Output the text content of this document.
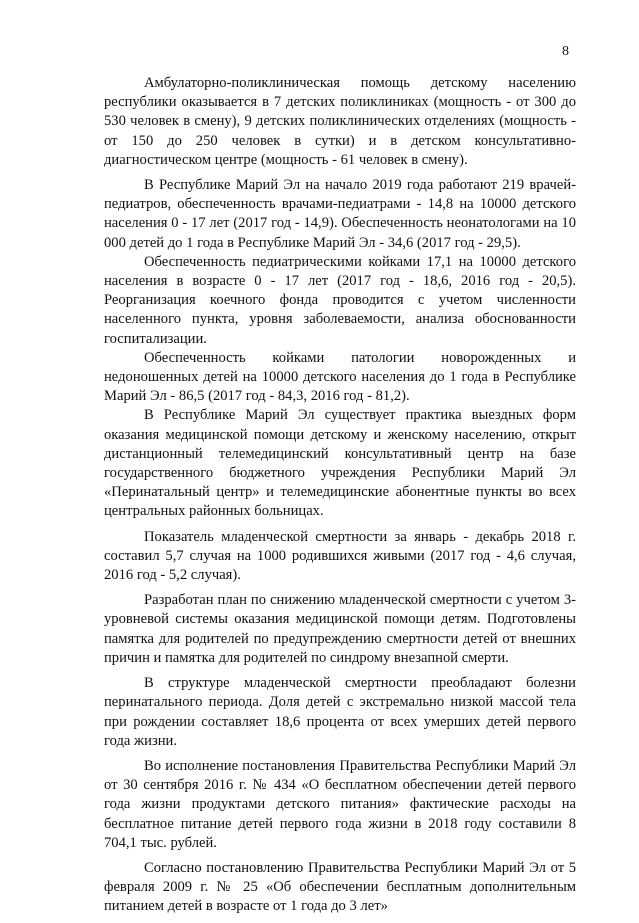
8

Амбулаторно-поликлиническая помощь детскому населению республики оказывается в 7 детских поликлиниках (мощность - от 300 до 530 человек в смену), 9 детских поликлинических отделениях (мощность - от 150 до 250 человек в сутки) и в детском консультативно-диагностическом центре (мощность - 61 человек в смену).

В Республике Марий Эл на начало 2019 года работают 219 врачей-педиатров, обеспеченность врачами-педиатрами - 14,8 на 10000 детского населения 0 - 17 лет (2017 год - 14,9). Обеспеченность неонатологами на 10 000 детей до 1 года в Республике Марий Эл - 34,6 (2017 год - 29,5).

Обеспеченность педиатрическими койками 17,1 на 10000 детского населения в возрасте 0 - 17 лет (2017 год - 18,6, 2016 год - 20,5). Реорганизация коечного фонда проводится с учетом численности населенного пункта, уровня заболеваемости, анализа обоснованности госпитализации.

Обеспеченность койками патологии новорожденных и недоношенных детей на 10000 детского населения до 1 года в Республике Марий Эл - 86,5 (2017 год - 84,3, 2016 год - 81,2).

В Республике Марий Эл существует практика выездных форм оказания медицинской помощи детскому и женскому населению, открыт дистанционный телемедицинский консультативный центр на базе государственного бюджетного учреждения Республики Марий Эл «Перинатальный центр» и телемедицинские абонентные пункты во всех центральных районных больницах.

Показатель младенческой смертности за январь - декабрь 2018 г. составил 5,7 случая на 1000 родившихся живыми (2017 год - 4,6 случая, 2016 год - 5,2 случая).

Разработан план по снижению младенческой смертности с учетом 3-уровневой системы оказания медицинской помощи детям. Подготовлены памятка для родителей по предупреждению смертности детей от внешних причин и памятка для родителей по синдрому внезапной смерти.

В структуре младенческой смертности преобладают болезни перинатального периода. Доля детей с экстремально низкой массой тела при рождении составляет 18,6 процента от всех умерших детей первого года жизни.

Во исполнение постановления Правительства Республики Марий Эл от 30 сентября 2016 г. № 434 «О бесплатном обеспечении детей первого года жизни продуктами детского питания» фактические расходы на бесплатное питание детей первого года жизни в 2018 году составили 8 704,1 тыс. рублей.

Согласно постановлению Правительства Республики Марий Эл от 5 февраля 2009 г. № 25 «Об обеспечении бесплатным дополнительным питанием детей в возрасте от 1 года до 3 лет»
